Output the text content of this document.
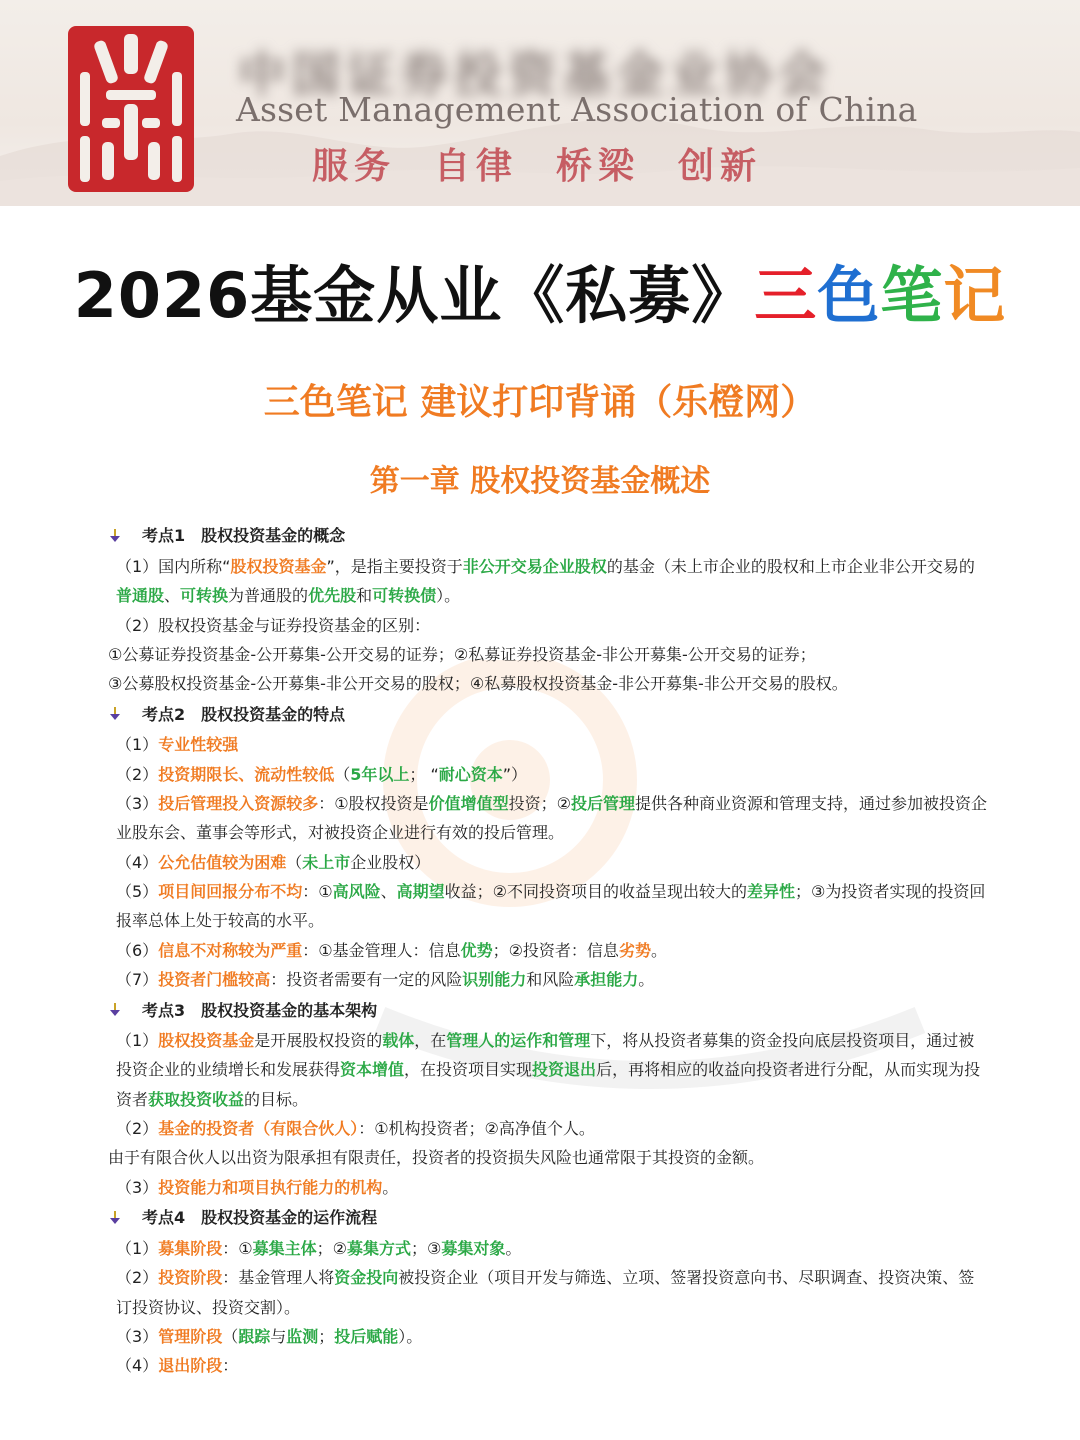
中国证券投资基金业协会
Asset Management Association of China
服务 自律 桥梁 创新
2026基金从业《私募》三色笔记
三色笔记 建议打印背诵（乐橙网）
第一章 股权投资基金概述
考点1 股权投资基金的概念

（1）国内所称“股权投资基金”，是指主要投资于非公开交易企业股权的基金（未上市企业的股权和上市企业非公开交易的普通股、可转换为普通股的优先股和可转换债）。

（2）股权投资基金与证券投资基金的区别：

①公募证券投资基金-公开募集-公开交易的证券；②私募证券投资基金-非公开募集-公开交易的证券；

③公募股权投资基金-公开募集-非公开交易的股权；④私募股权投资基金-非公开募集-非公开交易的股权。

考点2 股权投资基金的特点

（1）专业性较强

（2）投资期限长、流动性较低（5年以上； “耐心资本”）

（3）投后管理投入资源较多：①股权投资是价值增值型投资；②投后管理提供各种商业资源和管理支持，通过参加被投资企业股东会、董事会等形式，对被投资企业进行有效的投后管理。

（4）公允估值较为困难（未上市企业股权）

（5）项目间回报分布不均：①高风险、高期望收益；②不同投资项目的收益呈现出较大的差异性；③为投资者实现的投资回报率总体上处于较高的水平。

（6）信息不对称较为严重：①基金管理人：信息优势；②投资者：信息劣势。

（7）投资者门槛较高：投资者需要有一定的风险识别能力和风险承担能力。

考点3 股权投资基金的基本架构

（1）股权投资基金是开展股权投资的载体，在管理人的运作和管理下，将从投资者募集的资金投向底层投资项目，通过被投资企业的业绩增长和发展获得资本增值，在投资项目实现投资退出后，再将相应的收益向投资者进行分配，从而实现为投资者获取投资收益的目标。

（2）基金的投资者（有限合伙人）：①机构投资者；②高净值个人。

由于有限合伙人以出资为限承担有限责任，投资者的投资损失风险也通常限于其投资的金额。

（3）投资能力和项目执行能力的机构。

考点4 股权投资基金的运作流程

（1）募集阶段：①募集主体；②募集方式；③募集对象。

（2）投资阶段：基金管理人将资金投向被投资企业（项目开发与筛选、立项、签署投资意向书、尽职调查、投资决策、签订投资协议、投资交割）。

（3）管理阶段（跟踪与监测；投后赋能）。

（4）退出阶段：
